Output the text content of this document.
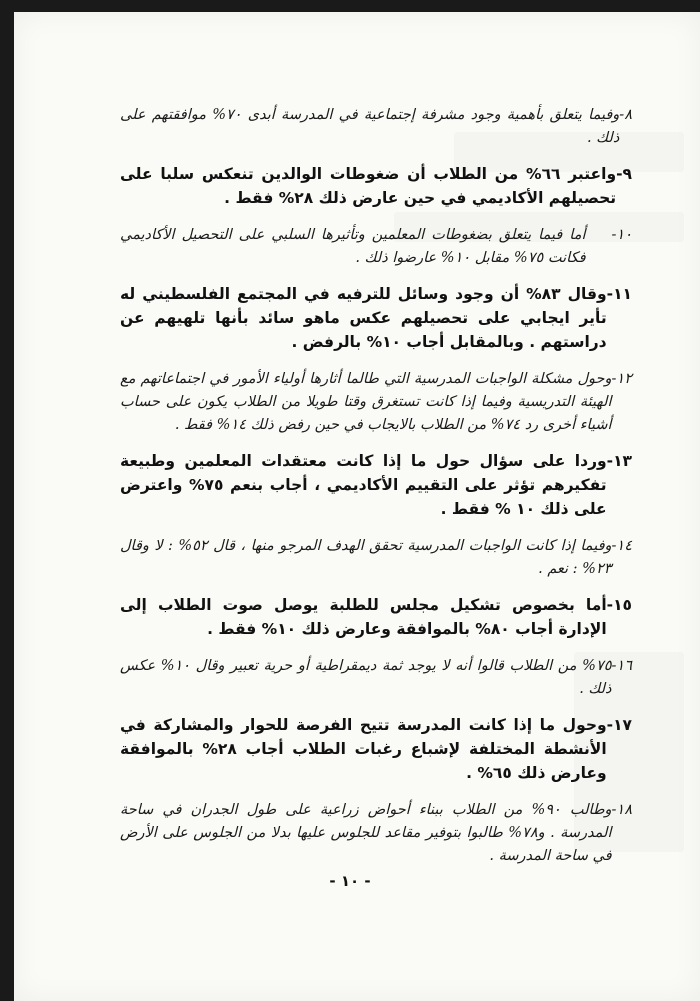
٨-
وفيما يتعلق بأهمية وجود مشرفة إجتماعية في المدرسة أبدى ٧٠% موافقتهم على ذلك .
٩-
واعتبر ٦٦% من الطلاب أن ضغوطات الوالدين تنعكس سلبا على تحصيلهم الأكاديمي في حين عارض ذلك ٢٨% فقط .
١٠-
أما فيما يتعلق بضغوطات المعلمين وتأثيرها السلبي على التحصيل الأكاديمي فكانت ٧٥% مقابل ١٠% عارضوا ذلك .
١١-
وقال ٨٣% أن وجود وسائل للترفيه في المجتمع الفلسطيني له تأير ايجابي على تحصيلهم عكس ماهو سائد بأنها تلهيهم عن دراستهم . وبالمقابل أجاب ١٠% بالرفض .
١٢-
وحول مشكلة الواجبات المدرسية التي طالما أثارها أولياء الأمور في اجتماعاتهم مع الهيئة التدريسية وفيما إذا كانت تستغرق وقتا طويلا من الطلاب يكون على حساب أشياء أخرى رد ٧٤% من الطلاب بالايجاب في حين رفض ذلك ١٤% فقط .
١٣-
وردا على سؤال حول ما إذا كانت معتقدات المعلمين وطبيعة تفكيرهم تؤثر على التقييم الأكاديمي ، أجاب بنعم ٧٥% واعترض على ذلك ١٠ % فقط .
١٤-
وفيما إذا كانت الواجبات المدرسية تحقق الهدف المرجو منها ، قال ٥٢% : لا وقال ٢٣% : نعم .
١٥-
أما بخصوص تشكيل مجلس للطلبة يوصل صوت الطلاب إلى الإدارة أجاب ٨٠% بالموافقة وعارض ذلك ١٠% فقط .
١٦-
٧٥% من الطلاب قالوا أنه لا يوجد ثمة ديمقراطية أو حرية تعبير وقال ١٠% عكس ذلك .
١٧-
وحول ما إذا كانت المدرسة تتيح الفرصة للحوار والمشاركة في الأنشطة المختلفة لإشباع رغبات الطلاب أجاب ٢٨% بالموافقة وعارض ذلك ٦٥% .
١٨-
وطالب ٩٠% من الطلاب ببناء أحواض زراعية على طول الجدران في ساحة المدرسة . و٧٨% طالبوا بتوفير مقاعد للجلوس عليها بدلا من الجلوس على الأرض في ساحة المدرسة .
- ١٠ -
